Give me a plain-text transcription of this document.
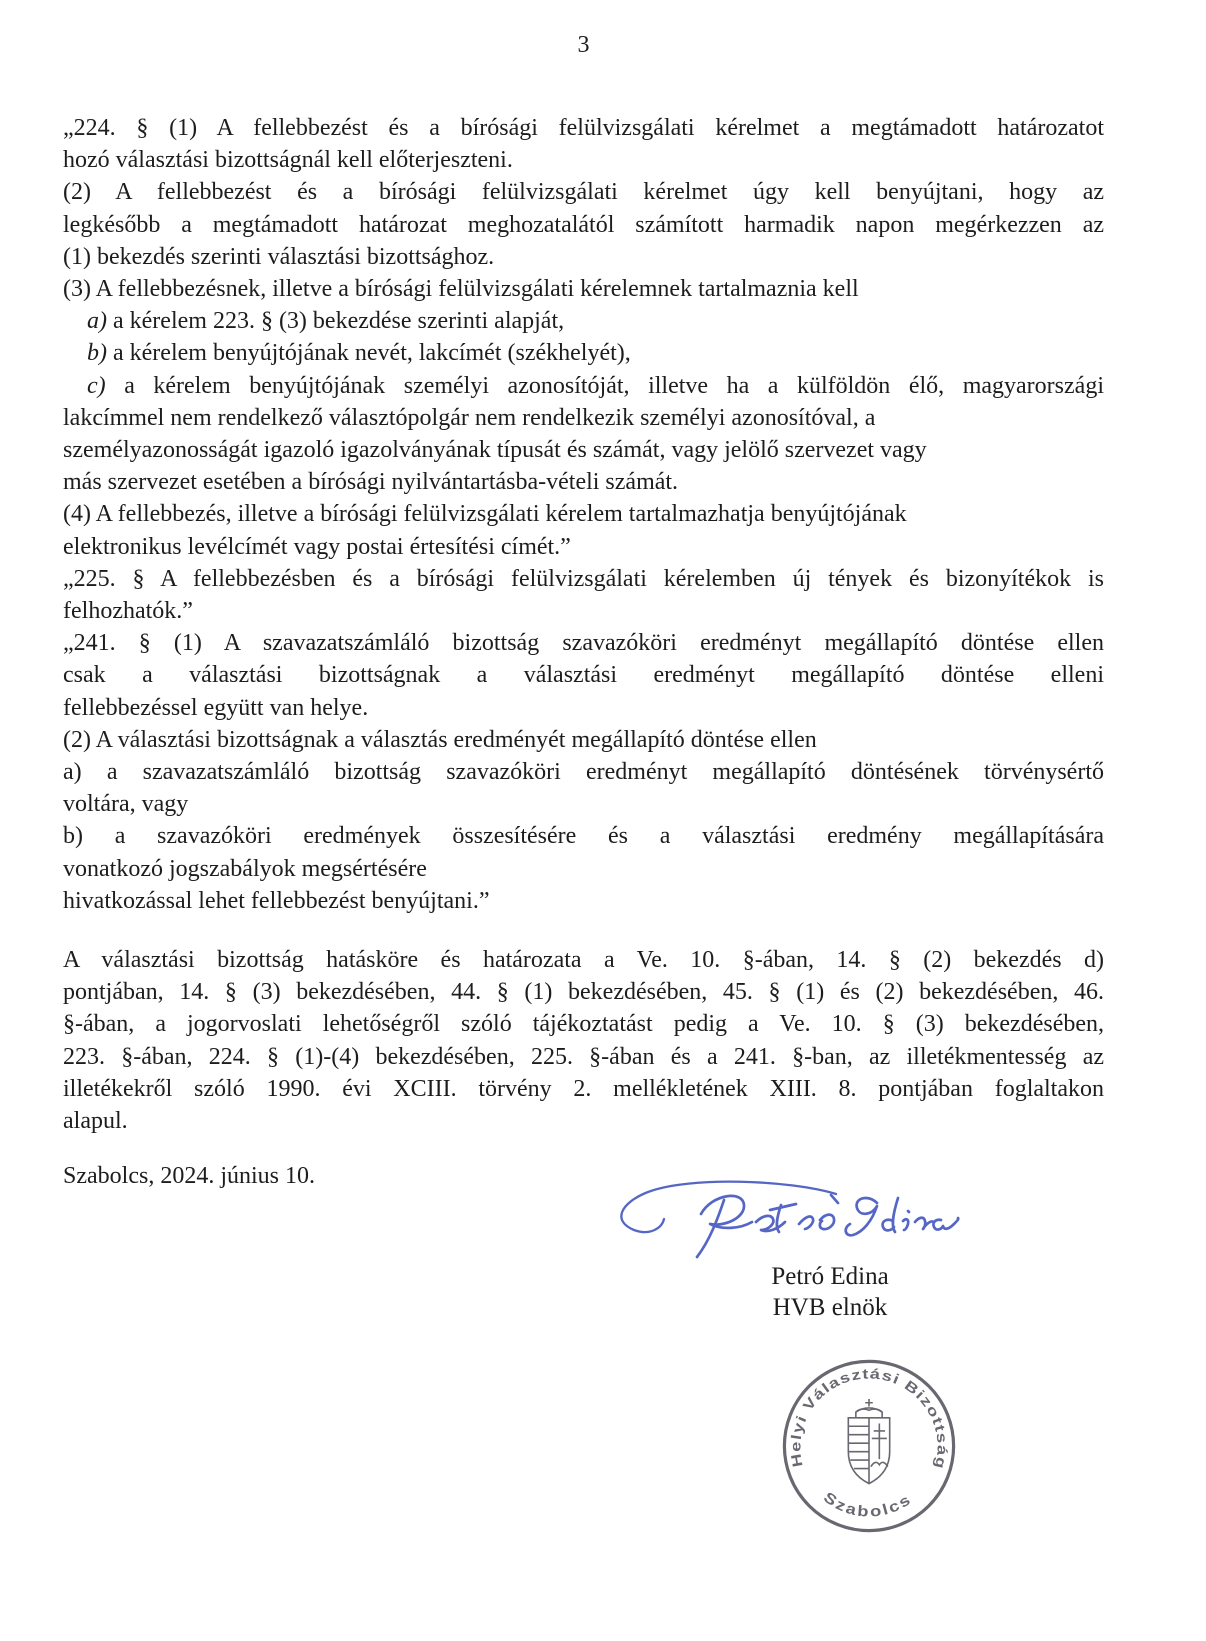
3
„224. § (1) A fellebbezést és a bírósági felülvizsgálati kérelmet a megtámadott határozatot
hozó választási bizottságnál kell előterjeszteni.
(2) A fellebbezést és a bírósági felülvizsgálati kérelmet úgy kell benyújtani, hogy az
legkésőbb a megtámadott határozat meghozatalától számított harmadik napon megérkezzen az
(1) bekezdés szerinti választási bizottsághoz.
(3) A fellebbezésnek, illetve a bírósági felülvizsgálati kérelemnek tartalmaznia kell
a) a kérelem 223. § (3) bekezdése szerinti alapját,
b) a kérelem benyújtójának nevét, lakcímét (székhelyét),
c) a kérelem benyújtójának személyi azonosítóját, illetve ha a külföldön élő, magyarországi
lakcímmel nem rendelkező választópolgár nem rendelkezik személyi azonosítóval, a
személyazonosságát igazoló igazolványának típusát és számát, vagy jelölő szervezet vagy
más szervezet esetében a bírósági nyilvántartásba-vételi számát.
(4) A fellebbezés, illetve a bírósági felülvizsgálati kérelem tartalmazhatja benyújtójának
elektronikus levélcímét vagy postai értesítési címét.”
„225. § A fellebbezésben és a bírósági felülvizsgálati kérelemben új tények és bizonyítékok is
felhozhatók.”
„241. § (1) A szavazatszámláló bizottság szavazóköri eredményt megállapító döntése ellen
csak a választási bizottságnak a választási eredményt megállapító döntése elleni
fellebbezéssel együtt van helye.
(2) A választási bizottságnak a választás eredményét megállapító döntése ellen
a) a szavazatszámláló bizottság szavazóköri eredményt megállapító döntésének törvénysértő
voltára, vagy
b) a szavazóköri eredmények összesítésére és a választási eredmény megállapítására
vonatkozó jogszabályok megsértésére
hivatkozással lehet fellebbezést benyújtani.”
A választási bizottság hatásköre és határozata a Ve. 10. §-ában, 14. § (2) bekezdés d)
pontjában, 14. § (3) bekezdésében, 44. § (1) bekezdésében, 45. § (1) és (2) bekezdésében, 46.
§-ában, a jogorvoslati lehetőségről szóló tájékoztatást pedig a Ve. 10. § (3) bekezdésében,
223. §-ában, 224. § (1)-(4) bekezdésében, 225. §-ában és a 241. §-ban, az illetékmentesség az
illetékekről szóló 1990. évi XCIII. törvény 2. mellékletének XIII. 8. pontjában foglaltakon
alapul.
Szabolcs, 2024. június 10.
Petró Edina
HVB elnök
Helyi Választási Bizottság
Szabolcs
